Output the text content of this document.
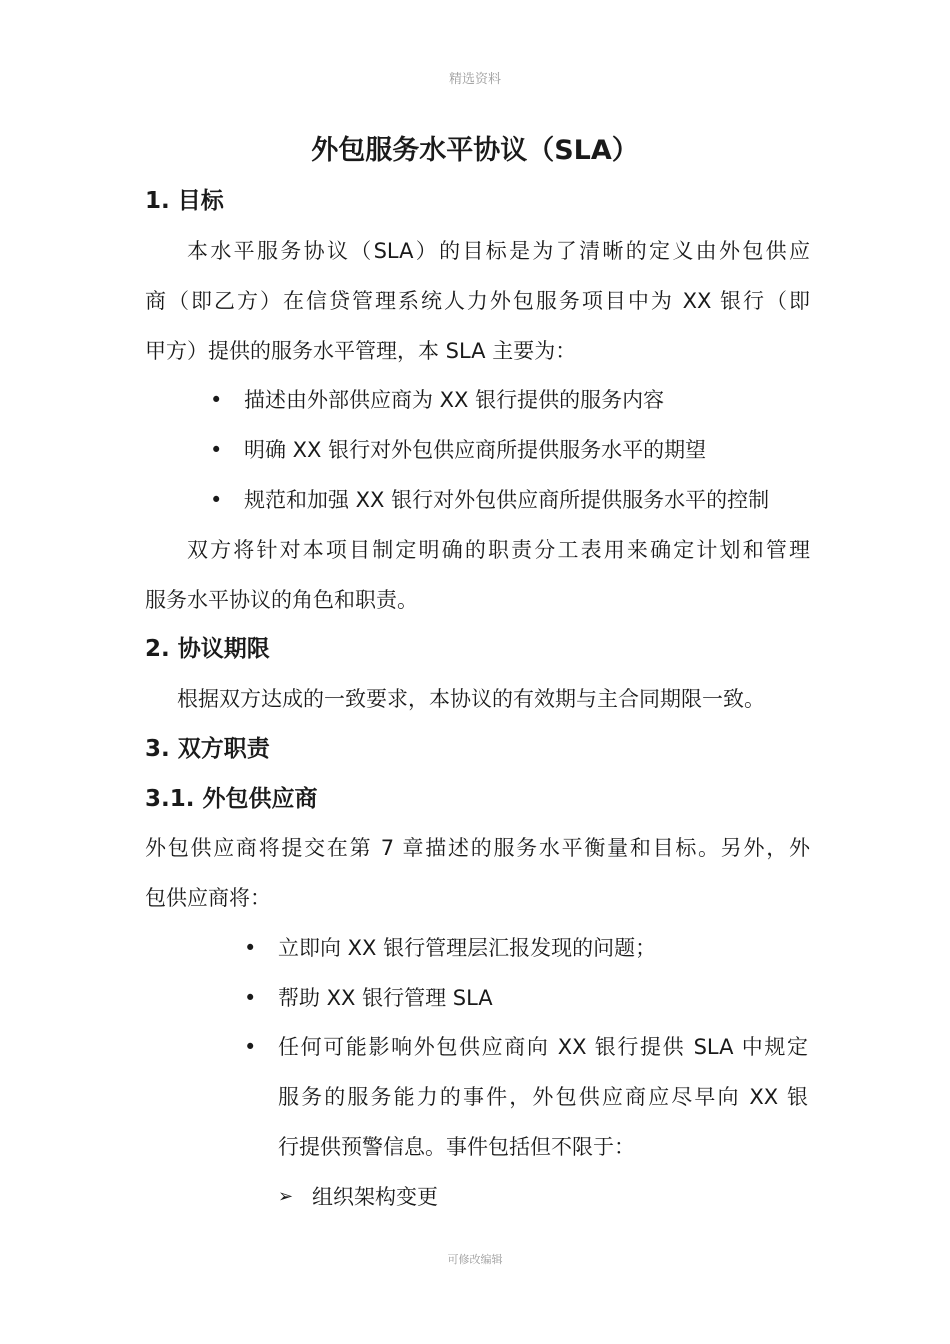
精选资料
外包服务水平协议（SLA）
1. 目标
本水平服务协议（SLA）的目标是为了清晰的定义由外包供应
商（即乙方）在信贷管理系统人力外包服务项目中为 XX 银行（即
甲方）提供的服务水平管理，本 SLA 主要为：
• 描述由外部供应商为 XX 银行提供的服务内容
• 明确 XX 银行对外包供应商所提供服务水平的期望
• 规范和加强 XX 银行对外包供应商所提供服务水平的控制
双方将针对本项目制定明确的职责分工表用来确定计划和管理
服务水平协议的角色和职责。
2. 协议期限
根据双方达成的一致要求，本协议的有效期与主合同期限一致。
3. 双方职责
3.1. 外包供应商
外包供应商将提交在第 7 章描述的服务水平衡量和目标。另外，外
包供应商将：
• 立即向 XX 银行管理层汇报发现的问题；
• 帮助 XX 银行管理 SLA
• 任何可能影响外包供应商向 XX 银行提供 SLA 中规定
服务的服务能力的事件，外包供应商应尽早向 XX 银
行提供预警信息。事件包括但不限于：
➢ 组织架构变更
可修改编辑
